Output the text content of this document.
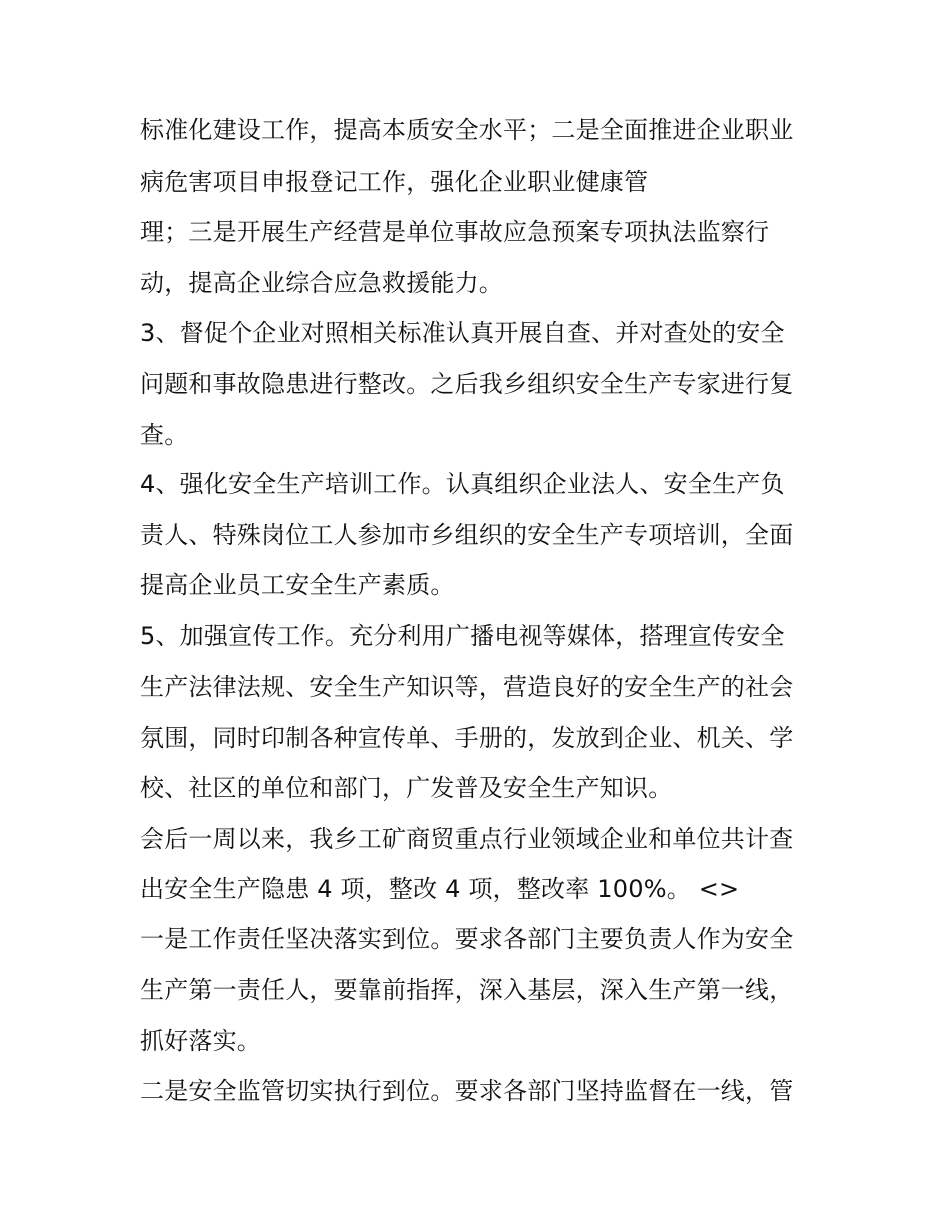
标准化建设工作，提高本质安全水平；二是全面推进企业职业
病危害项目申报登记工作，强化企业职业健康管
理；三是开展生产经营是单位事故应急预案专项执法监察行
动，提高企业综合应急救援能力。
3、督促个企业对照相关标准认真开展自查、并对查处的安全
问题和事故隐患进行整改。之后我乡组织安全生产专家进行复
查。
4、强化安全生产培训工作。认真组织企业法人、安全生产负
责人、特殊岗位工人参加市乡组织的安全生产专项培训，全面
提高企业员工安全生产素质。
5、加强宣传工作。充分利用广播电视等媒体，搭理宣传安全
生产法律法规、安全生产知识等，营造良好的安全生产的社会
氛围，同时印制各种宣传单、手册的，发放到企业、机关、学
校、社区的单位和部门，广发普及安全生产知识。
会后一周以来，我乡工矿商贸重点行业领域企业和单位共计查
出安全生产隐患 4 项，整改 4 项，整改率 100%。 <>
一是工作责任坚决落实到位。要求各部门主要负责人作为安全
生产第一责任人，要靠前指挥，深入基层，深入生产第一线，
抓好落实。
二是安全监管切实执行到位。要求各部门坚持监督在一线，管
